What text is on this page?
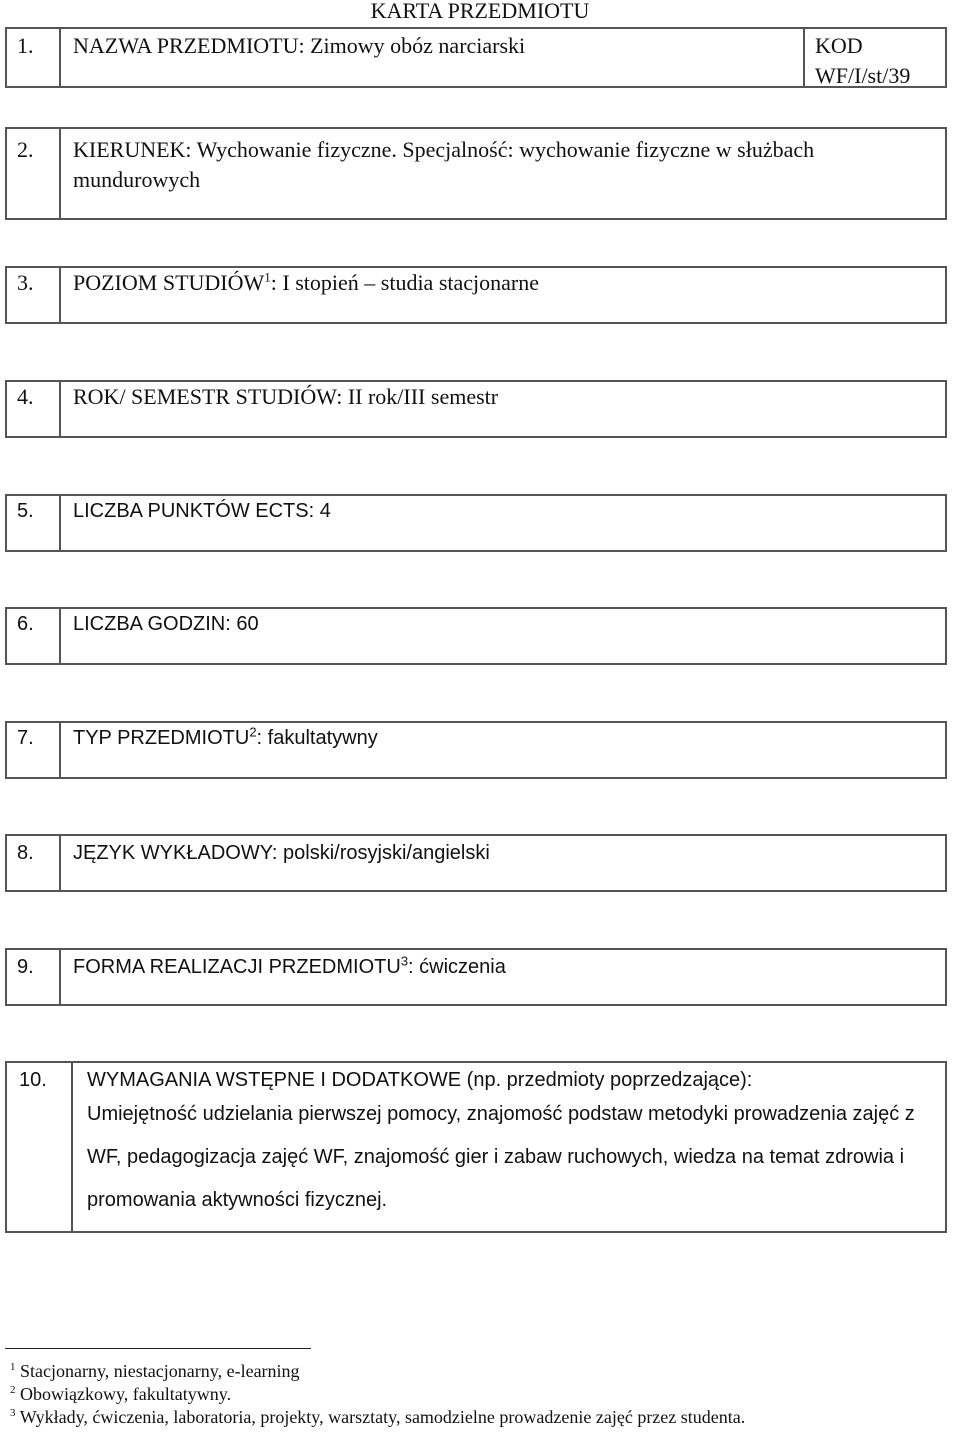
KARTA PRZEDMIOTU
1. NAZWA PRZEDMIOTU: Zimowy obóz narciarski	KOD
WF/I/st/39
2. KIERUNEK: Wychowanie fizyczne. Specjalność: wychowanie fizyczne w służbach mundurowych
3. POZIOM STUDIÓW$^1$: I stopień – studia stacjonarne
4. ROK/ SEMESTR STUDIÓW: II rok/III semestr
5. LICZBA PUNKTÓW ECTS: 4
6. LICZBA GODZIN: 60
7. TYP PRZEDMIOTU$^2$: fakultatywny
8. JĘZYK WYKŁADOWY: polski/rosyjski/angielski
9. FORMA REALIZACJI PRZEDMIOTU$^3$: ćwiczenia
10. WYMAGANIA WSTĘPNE I DODATKOWE (np. przedmioty poprzedzające):
Umiejętność udzielania pierwszej pomocy, znajomość podstaw metodyki prowadzenia zajęć z WF, pedagogizacja zajęć WF, znajomość gier i zabaw ruchowych, wiedza na temat zdrowia i promowania aktywności fizycznej.
$^1$ Stacjonarny, niestacjonarny, e-learning
$^2$ Obowiązkowy, fakultatywny.
$^3$ Wykłady, ćwiczenia, laboratoria, projekty, warsztaty, samodzielne prowadzenie zajęć przez studenta.
